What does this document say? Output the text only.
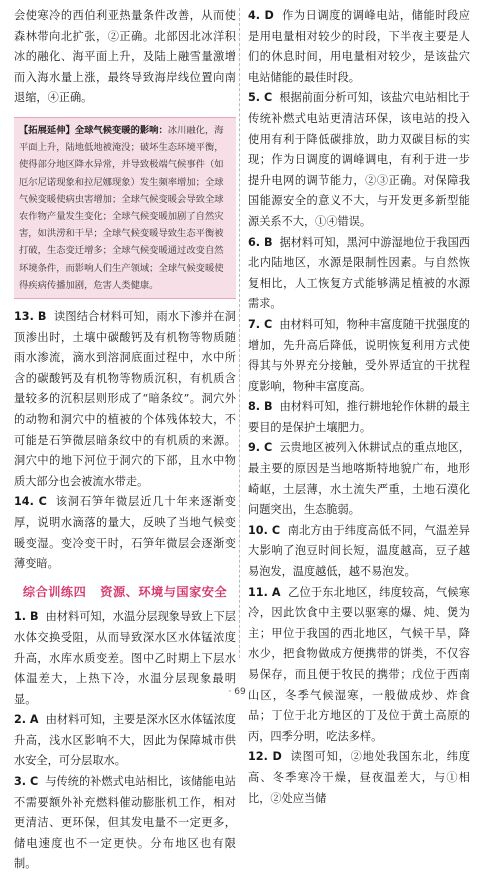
会使寒冷的西伯利亚热量条件改善，从而使森林带向北扩张，②正确。北部因北冰洋积冰的融化、海平面上升，及陆上融雪量激增而入海水量上涨，最终导致海岸线位置向南退缩，④正确。

【拓展延伸】全球气候变暖的影响：冰川融化，海平面上升，陆地低地被淹没；破坏生态环境平衡，使得部分地区降水异常，并导致极端气候事件（如厄尔尼诺现象和拉尼娜现象）发生频率增加；全球气候变暖使病虫害增加；全球气候变暖会导致全球农作物产量发生变化；全球气候变暖加剧了自然灾害，如洪涝和干旱；全球气候变暖导致生态平衡被打破，生态变迁增多；全球气候变暖通过改变自然环境条件，而影响人们生产领域；全球气候变暖使得疾病传播加剧，危害人类健康。

13. B 读图结合材料可知，雨水下渗并在洞顶渗出时，土壤中碳酸钙及有机物等物质随雨水渗流，滴水到溶洞底面过程中，水中所含的碳酸钙及有机物等物质沉积，有机质含量较多的沉积层则形成了“暗条纹”。洞穴外的动物和洞穴中的植被的个体残体较大，不可能是石笋微层暗条纹中的有机质的来源。洞穴中的地下河位于洞穴的下部，且水中物质大部分也会被流水带走。

14. C 该洞石笋年微层近几十年来逐渐变厚，说明水滴落的量大，反映了当地气候变暖变湿。变冷变干时，石笋年微层会逐渐变薄变暗。

综合训练四 资源、环境与国家安全

1. B 由材料可知，水温分层现象导致上下层水体交换受阻，从而导致深水区水体锰浓度升高，水库水质变差。图中乙时期上下层水体温差大，上热下冷，水温分层现象最明显。

2. A 由材料可知，主要是深水区水体锰浓度升高，浅水区影响不大，因此为保障城市供水安全，可分层取水。

3. C 与传统的补燃式电站相比，该储能电站不需要额外补充燃料催动膨胀机工作，相对更清洁、更环保，但其发电量不一定更多，储电速度也不一定更快。分布地区也有限制。

4. D 作为日调度的调峰电站，储能时段应是用电量相对较少的时段，下半夜主要是人们的休息时间，用电量相对较少，是该盐穴电站储能的最佳时段。

5. C 根据前面分析可知，该盐穴电站相比于传统补燃式电站更清洁环保，该电站的投入使用有利于降低碳排放，助力双碳目标的实现；作为日调度的调峰调电，有利于进一步提升电网的调节能力，②③正确。对保障我国能源安全的意义不大，与开发更多新型能源关系不大，①④错误。

6. B 据材料可知，黑河中游湿地位于我国西北内陆地区，水源是限制性因素。与自然恢复相比，人工恢复方式能够满足植被的水源需求。

7. C 由材料可知，物种丰富度随干扰强度的增加，先升高后降低，说明恢复利用方式使得其与外界充分接触，受外界适宜的干扰程度影响，物种丰富度高。

8. B 由材料可知，推行耕地轮作休耕的最主要目的是保护土壤肥力。

9. C 云贵地区被列入休耕试点的重点地区，最主要的原因是当地喀斯特地貌广布，地形崎岖，土层薄，水土流失严重，土地石漠化问题突出，生态脆弱。

10. C 南北方由于纬度高低不同，气温差异大影响了泡豆时间长短，温度越高，豆子越易泡发，温度越低，越不易泡发。

11. A 乙位于东北地区，纬度较高，气候寒冷，因此饮食中主要以驱寒的爆、炖、煲为主；甲位于我国的西北地区，气候干旱，降水少，把食物做成方便携带的饼类，不仅容易保存，而且便于牧民的携带；戊位于西南山区，冬季气候湿寒，一般做成炒、炸食品；丁位于北方地区的丁及位于黄土高原的丙，四季分明，吃法多样。

12. D 读图可知，②地处我国东北，纬度高、冬季寒冷干燥，昼夜温差大，与①相比，②处应当储

· 69 ·
